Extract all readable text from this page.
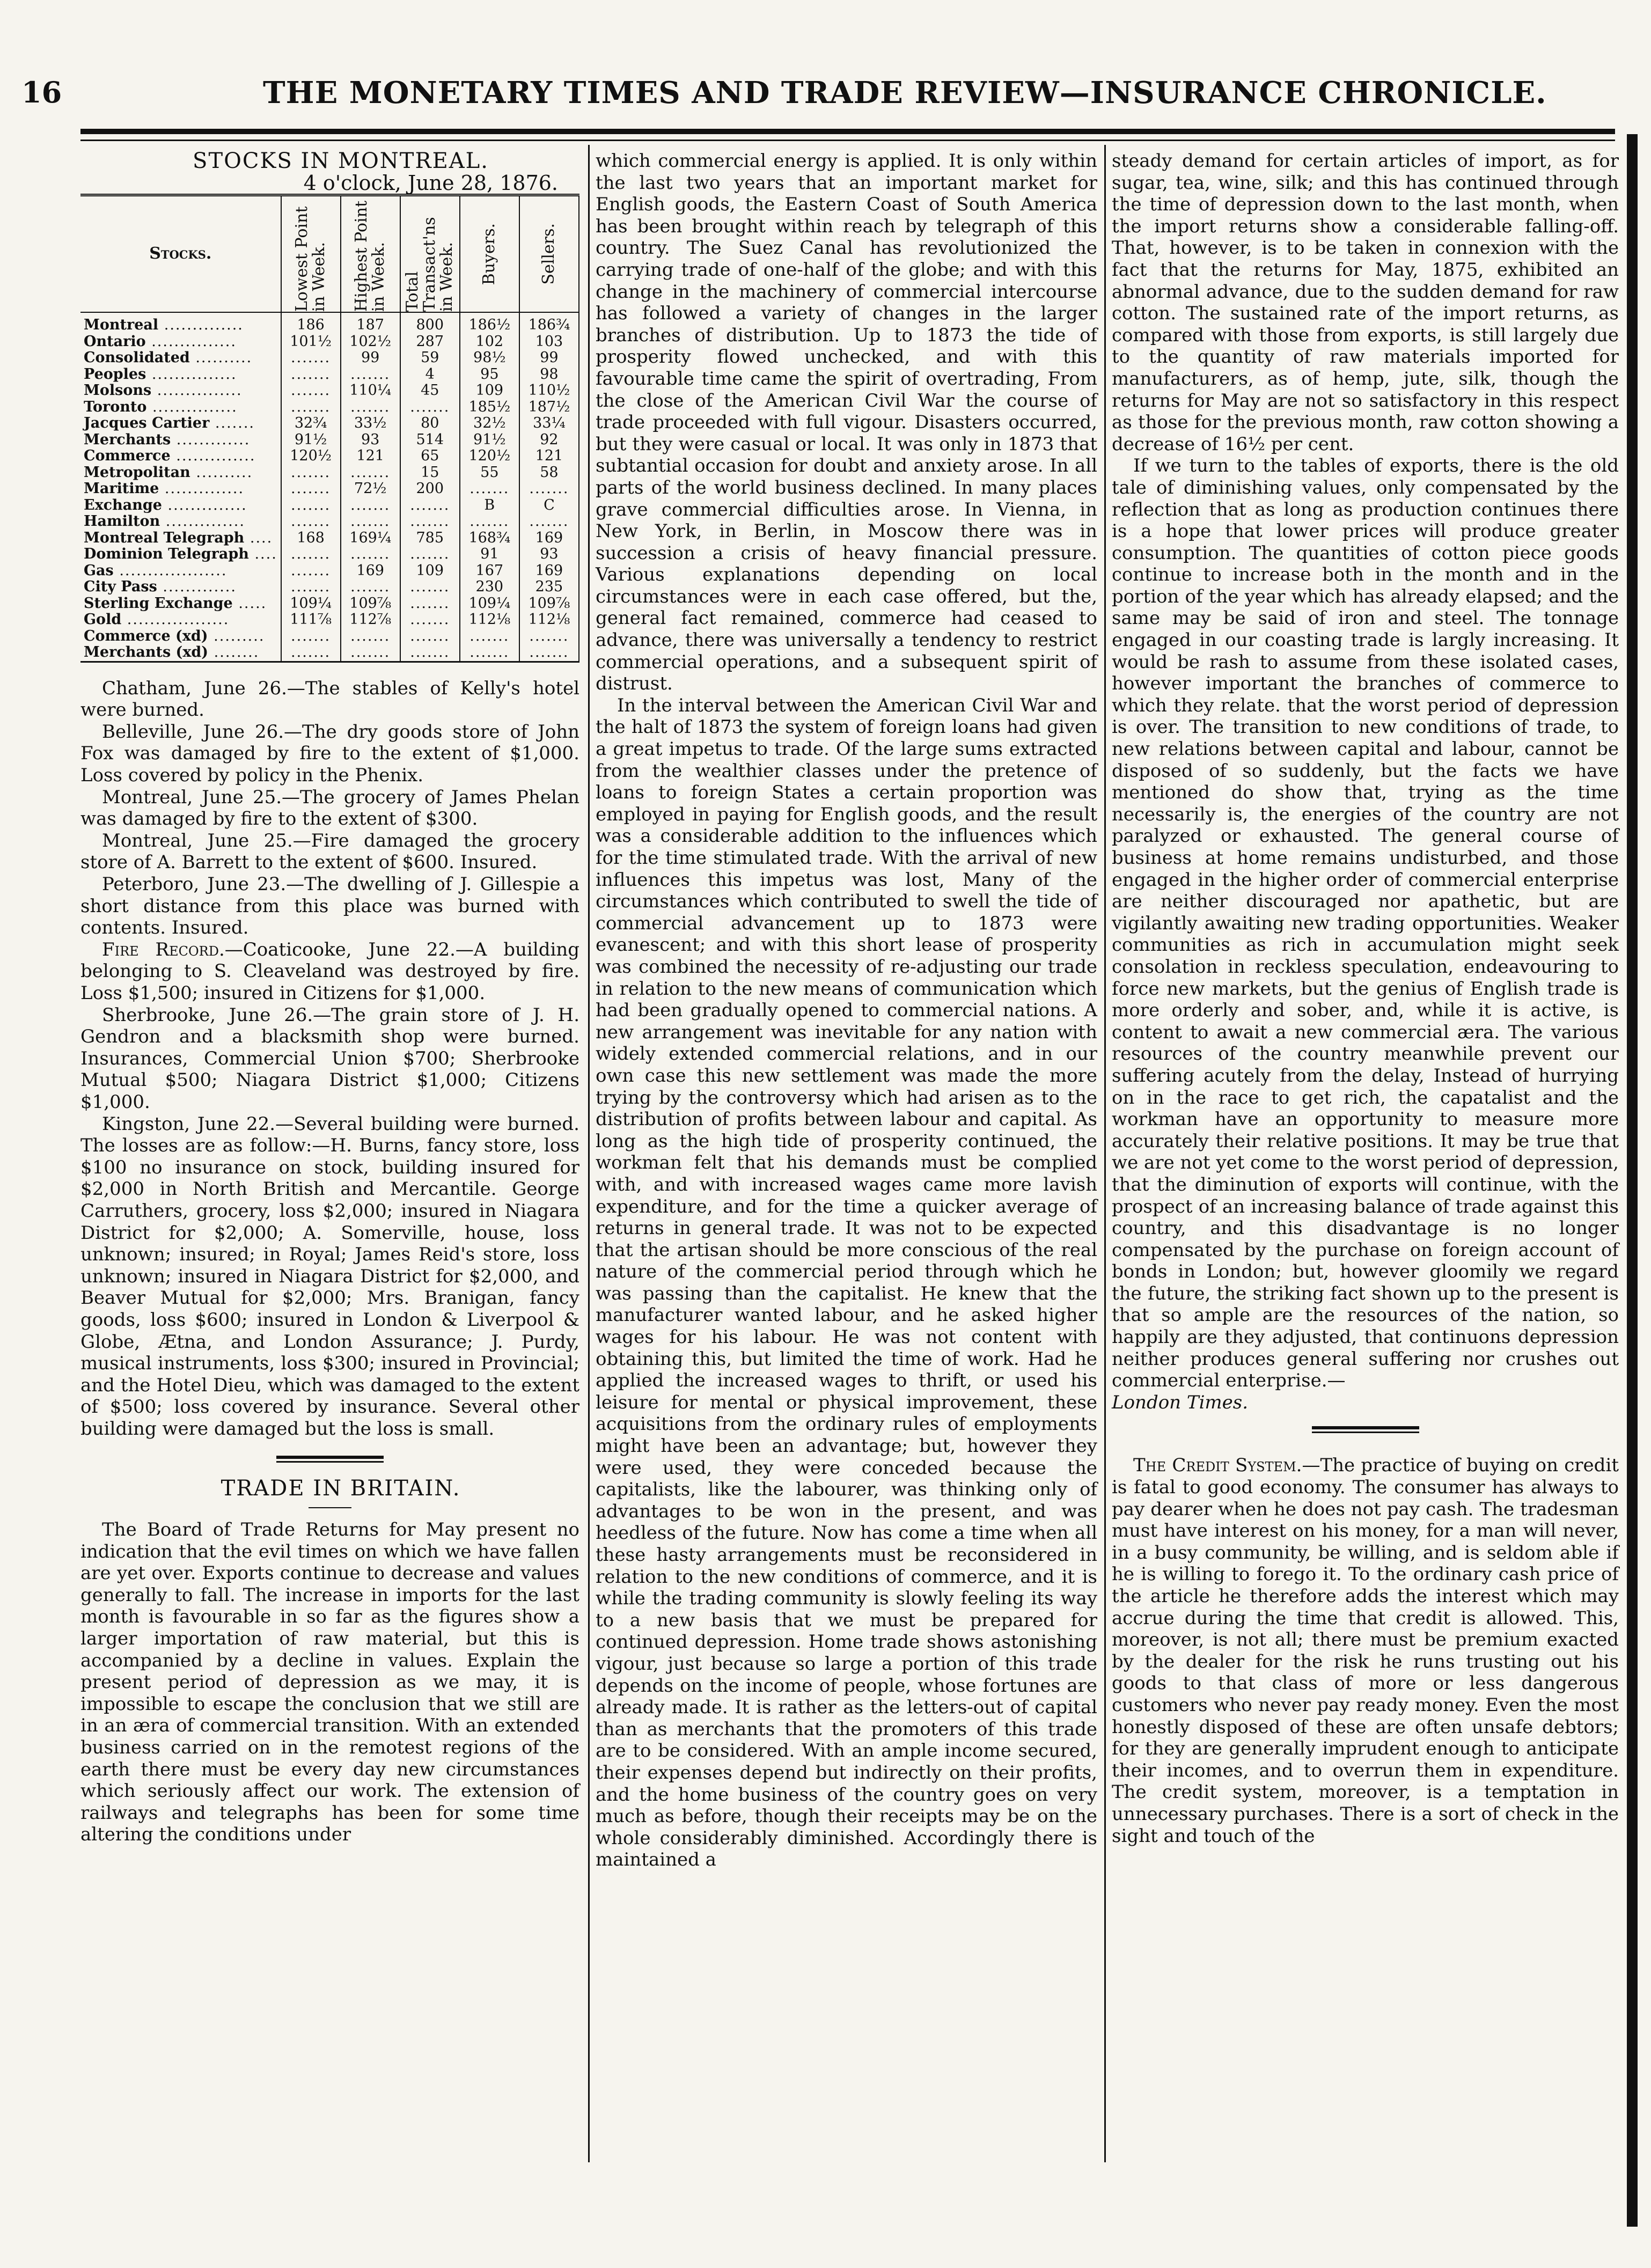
16	THE MONETARY TIMES AND TRADE REVIEW—INSURANCE CHRONICLE.

STOCKS IN MONTREAL.

4 o'clock, June 28, 1876.

Stocks.	Lowest Point in Week.	Highest Point in Week.	Total Transact'ns in Week.	Buyers.	Sellers.

Montreal ..............	186	187	800	186½	186¾
Ontario ...............	101½	102½	287	102	103
Consolidated ..........	.......	99	59	98½	99
Peoples ...............	.......	.......	4	95	98
Molsons ...............	.......	110¼	45	109	110½
Toronto ...............	.......	.......	.......	185½	187½
Jacques Cartier .......	32¾	33½	80	32½	33¼
Merchants .............	91½	93	514	91½	92
Commerce ..............	120½	121	65	120½	121
Metropolitan ..........	.......	.......	15	55	58
Maritime ..............	.......	72½	200	.......	.......
Exchange ..............	.......	.......	.......	B	C
Hamilton ..............	.......	.......	.......	.......	.......
Montreal Telegraph ....	168	169¼	785	168¾	169
Dominion Telegraph ....	.......	.......	.......	91	93
Gas ...................	.......	169	109	167	169
City Pass .............	.......	.......	.......	230	235
Sterling Exchange .....	109¼	109⅞	.......	109¼	109⅞
Gold ..................	111⅞	112⅞	.......	112⅛	112⅛
Commerce (xd) .........	.......	.......	.......	.......	.......
Merchants (xd) ........	.......	.......	.......	.......	.......

Chatham, June 26.—The stables of Kelly's hotel were burned.

Belleville, June 26.—The dry goods store of John Fox was damaged by fire to the extent of $1,000. Loss covered by policy in the Phenix.

Montreal, June 25.—The grocery of James Phelan was damaged by fire to the extent of $300.

Montreal, June 25.—Fire damaged the grocery store of A. Barrett to the extent of $600. Insured.

Peterboro, June 23.—The dwelling of J. Gillespie a short distance from this place was burned with contents. Insured.

Fire Record.—Coaticooke, June 22.—A building belonging to S. Cleaveland was destroyed by fire. Loss $1,500; insured in Citizens for $1,000.

Sherbrooke, June 26.—The grain store of J. H. Gendron and a blacksmith shop were burned. Insurances, Commercial Union $700; Sherbrooke Mutual $500; Niagara District $1,000; Citizens $1,000.

Kingston, June 22.—Several building were burned. The losses are as follow:—H. Burns, fancy store, loss $100 no insurance on stock, building insured for $2,000 in North British and Mercantile. George Carruthers, grocery, loss $2,000; insured in Niagara District for $2,000; A. Somerville, house, loss unknown; insured; in Royal; James Reid's store, loss unknown; insured in Niagara District for $2,000, and Beaver Mutual for $2,000; Mrs. Branigan, fancy goods, loss $600; insured in London & Liverpool & Globe, Ætna, and London Assurance; J. Purdy, musical instruments, loss $300; insured in Provincial; and the Hotel Dieu, which was damaged to the extent of $500; loss covered by insurance. Several other building were damaged but the loss is small.

TRADE IN BRITAIN.

The Board of Trade Returns for May present no indication that the evil times on which we have fallen are yet over. Exports continue to decrease and values generally to fall. The increase in imports for the last month is favourable in so far as the figures show a larger importation of raw material, but this is accompanied by a decline in values. Explain the present period of depression as we may, it is impossible to escape the conclusion that we still are in an æra of commercial transition. With an extended business carried on in the remotest regions of the earth there must be every day new circumstances which seriously affect our work. The extension of railways and telegraphs has been for some time altering the conditions under

which commercial energy is applied. It is only within the last two years that an important market for English goods, the Eastern Coast of South America has been brought within reach by telegraph of this country. The Suez Canal has revolutionized the carrying trade of one-half of the globe; and with this change in the machinery of commercial intercourse has followed a variety of changes in the larger branches of distribution. Up to 1873 the tide of prosperity flowed unchecked, and with this favourable time came the spirit of overtrading, From the close of the American Civil War the course of trade proceeded with full vigour. Disasters occurred, but they were casual or local. It was only in 1873 that subtantial occasion for doubt and anxiety arose. In all parts of the world business declined. In many places grave commercial difficulties arose. In Vienna, in New York, in Berlin, in Moscow there was in succession a crisis of heavy financial pressure. Various explanations depending on local circumstances were in each case offered, but the, general fact remained, commerce had ceased to advance, there was universally a tendency to restrict commercial operations, and a subsequent spirit of distrust.

In the interval between the American Civil War and the halt of 1873 the system of foreign loans had given a great impetus to trade. Of the large sums extracted from the wealthier classes under the pretence of loans to foreign States a certain proportion was employed in paying for English goods, and the result was a considerable addition to the influences which for the time stimulated trade. With the arrival of new influences this impetus was lost, Many of the circumstances which contributed to swell the tide of commercial advancement up to 1873 were evanescent; and with this short lease of prosperity was combined the necessity of re-adjusting our trade in relation to the new means of communication which had been gradually opened to commercial nations. A new arrangement was inevitable for any nation with widely extended commercial relations, and in our own case this new settlement was made the more trying by the controversy which had arisen as to the distribution of profits between labour and capital. As long as the high tide of prosperity continued, the workman felt that his demands must be complied with, and with increased wages came more lavish expenditure, and for the time a quicker average of returns in general trade. It was not to be expected that the artisan should be more conscious of the real nature of the commercial period through which he was passing than the capitalist. He knew that the manufacturer wanted labour, and he asked higher wages for his labour. He was not content with obtaining this, but limited the time of work. Had he applied the increased wages to thrift, or used his leisure for mental or physical improvement, these acquisitions from the ordinary rules of employments might have been an advantage; but, however they were used, they were conceded because the capitalists, like the labourer, was thinking only of advantages to be won in the present, and was heedless of the future. Now has come a time when all these hasty arrangements must be reconsidered in relation to the new conditions of commerce, and it is while the trading community is slowly feeling its way to a new basis that we must be prepared for continued depression. Home trade shows astonishing vigour, just because so large a portion of this trade depends on the income of people, whose fortunes are already made. It is rather as the letters-out of capital than as merchants that the promoters of this trade are to be considered. With an ample income secured, their expenses depend but indirectly on their profits, and the home business of the country goes on very much as before, though their receipts may be on the whole considerably diminished. Accordingly there is maintained a

steady demand for certain articles of import, as for sugar, tea, wine, silk; and this has continued through the time of depression down to the last month, when the import returns show a considerable falling-off. That, however, is to be taken in connexion with the fact that the returns for May, 1875, exhibited an abnormal advance, due to the sudden demand for raw cotton. The sustained rate of the import returns, as compared with those from exports, is still largely due to the quantity of raw materials imported for manufacturers, as of hemp, jute, silk, though the returns for May are not so satisfactory in this respect as those for the previous month, raw cotton showing a decrease of 16½ per cent.

If we turn to the tables of exports, there is the old tale of diminishing values, only compensated by the reflection that as long as production continues there is a hope that lower prices will produce greater consumption. The quantities of cotton piece goods continue to increase both in the month and in the portion of the year which has already elapsed; and the same may be said of iron and steel. The tonnage engaged in our coasting trade is largly increasing. It would be rash to assume from these isolated cases, however important the branches of commerce to which they relate. that the worst period of depression is over. The transition to new conditions of trade, to new relations between capital and labour, cannot be disposed of so suddenly, but the facts we have mentioned do show that, trying as the time necessarily is, the energies of the country are not paralyzed or exhausted. The general course of business at home remains undisturbed, and those engaged in the higher order of commercial enterprise are neither discouraged nor apathetic, but are vigilantly awaiting new trading opportunities. Weaker communities as rich in accumulation might seek consolation in reckless speculation, endeavouring to force new markets, but the genius of English trade is more orderly and sober, and, while it is active, is content to await a new commercial æra. The various resources of the country meanwhile prevent our suffering acutely from the delay, Instead of hurrying on in the race to get rich, the capatalist and the workman have an opportunity to measure more accurately their relative positions. It may be true that we are not yet come to the worst period of depression, that the diminution of exports will continue, with the prospect of an increasing balance of trade against this country, and this disadvantage is no longer compensated by the purchase on foreign account of bonds in London; but, however gloomily we regard the future, the striking fact shown up to the present is that so ample are the resources of the nation, so happily are they adjusted, that continuons depression neither produces general suffering nor crushes out commercial enterprise.—

London Times.

The Credit System.—The practice of buying on credit is fatal to good economy. The consumer has always to pay dearer when he does not pay cash. The tradesman must have interest on his money, for a man will never, in a busy community, be willing, and is seldom able if he is willing to forego it. To the ordinary cash price of the article he therefore adds the interest which may accrue during the time that credit is allowed. This, moreover, is not all; there must be premium exacted by the dealer for the risk he runs trusting out his goods to that class of more or less dangerous customers who never pay ready money. Even the most honestly disposed of these are often unsafe debtors; for they are generally imprudent enough to anticipate their incomes, and to overrun them in expenditure. The credit system, moreover, is a temptation in unnecessary purchases. There is a sort of check in the sight and touch of the
